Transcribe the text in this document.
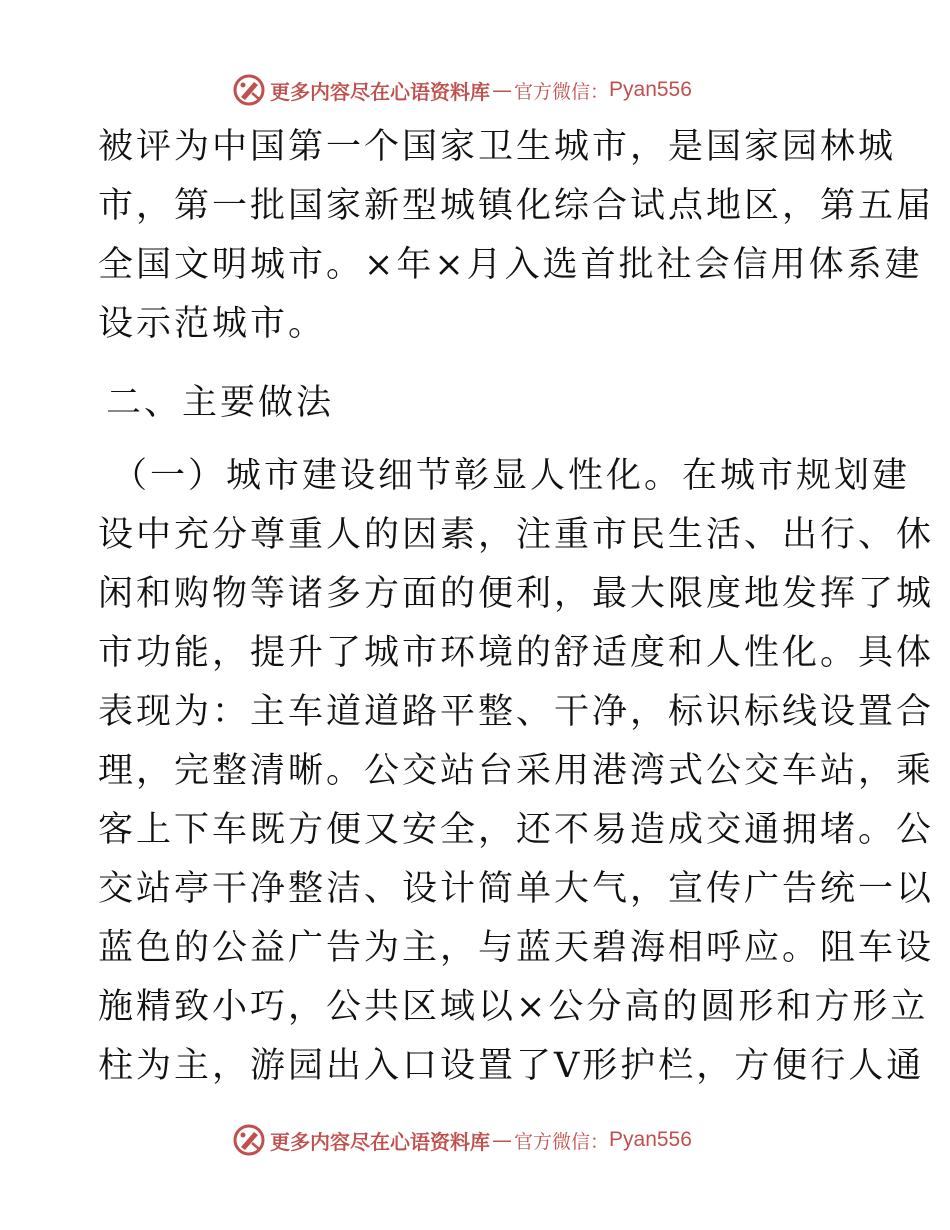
更多内容尽在心语资料库 — 官方微信： Pyan556
被评为中国第一个国家卫生城市，是国家园林城
市，第一批国家新型城镇化综合试点地区，第五届
全国文明城市。×年×月入选首批社会信用体系建
设示范城市。
二、主要做法
（一）城市建设细节彰显人性化。在城市规划建
设中充分尊重人的因素，注重市民生活、出行、休
闲和购物等诸多方面的便利，最大限度地发挥了城
市功能，提升了城市环境的舒适度和人性化。具体
表现为：主车道道路平整、干净，标识标线设置合
理，完整清晰。公交站台采用港湾式公交车站，乘
客上下车既方便又安全，还不易造成交通拥堵。公
交站亭干净整洁、设计简单大气，宣传广告统一以
蓝色的公益广告为主，与蓝天碧海相呼应。阻车设
施精致小巧，公共区域以×公分高的圆形和方形立
柱为主，游园出入口设置了V形护栏，方便行人通
更多内容尽在心语资料库 — 官方微信： Pyan556
